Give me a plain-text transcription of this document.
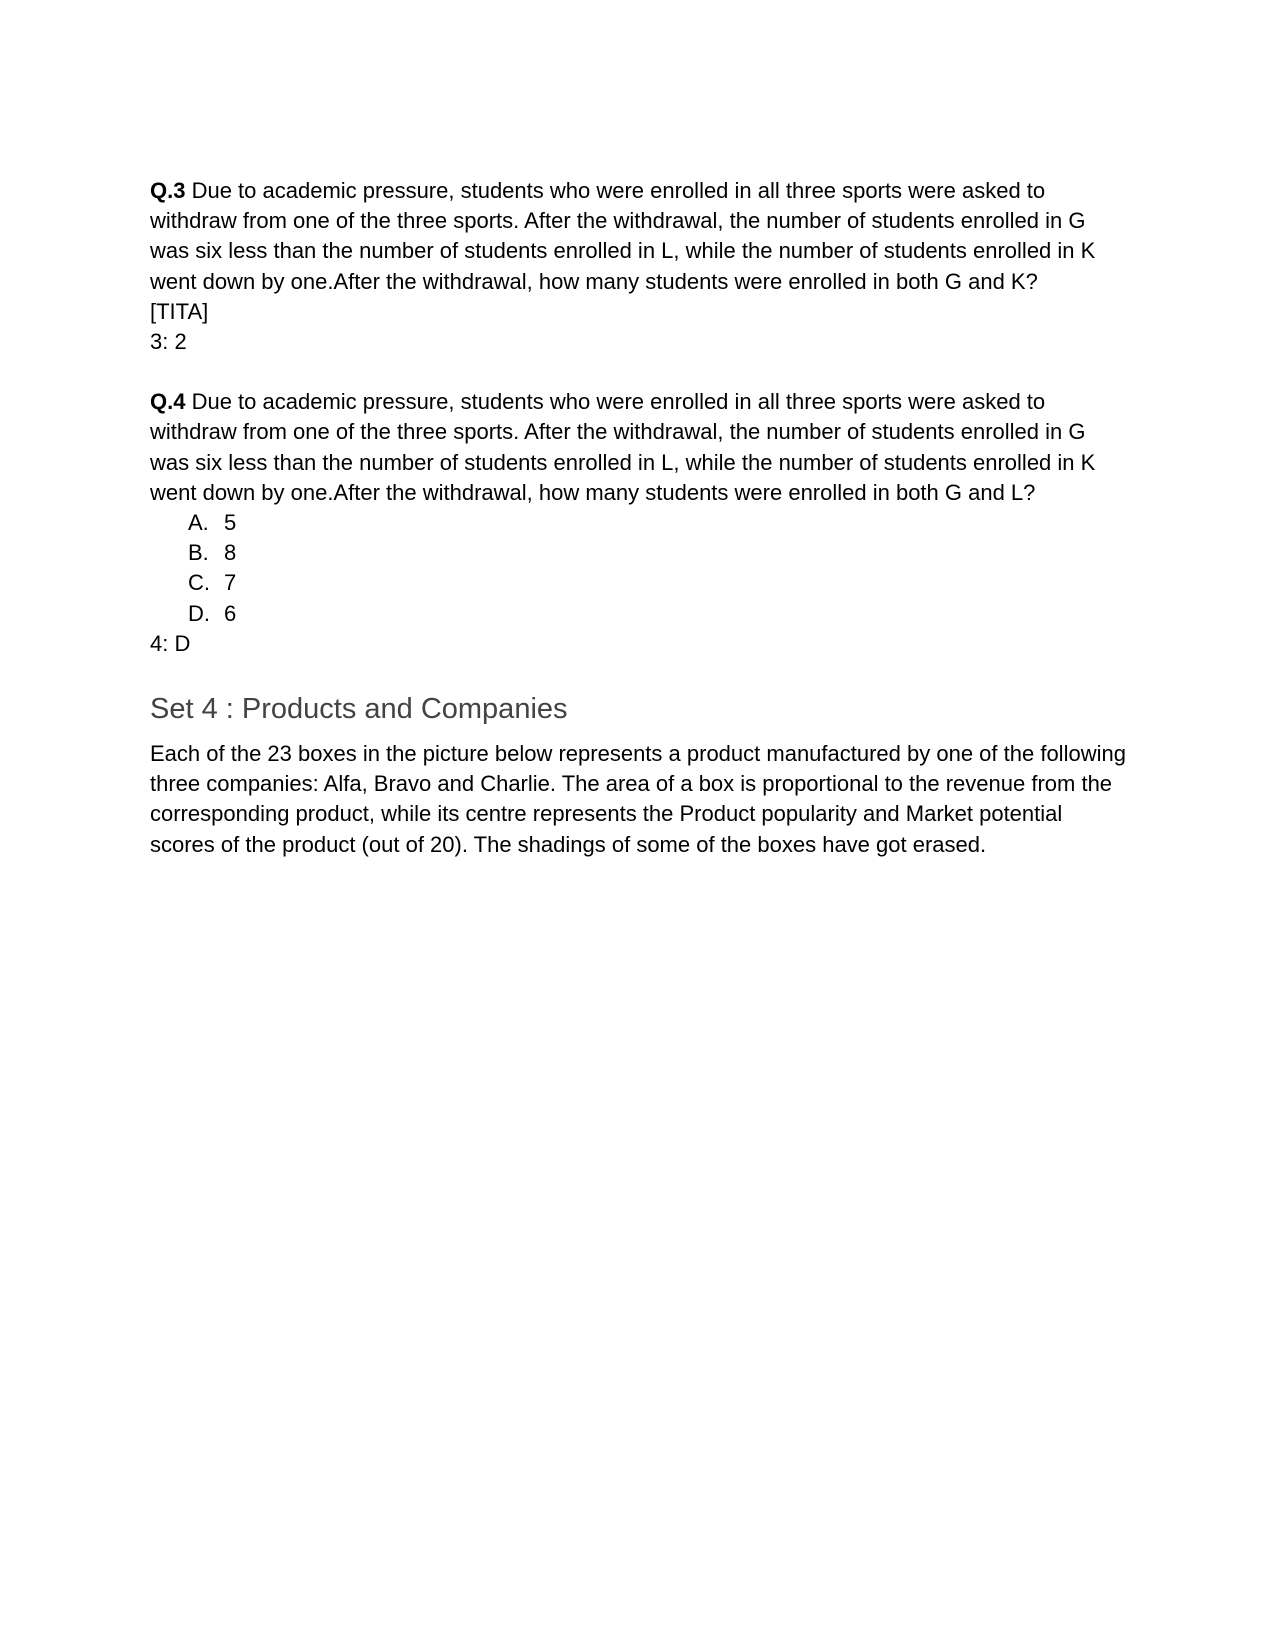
Q.3 Due to academic pressure, students who were enrolled in all three sports were asked to withdraw from one of the three sports. After the withdrawal, the number of students enrolled in G was six less than the number of students enrolled in L, while the number of students enrolled in K went down by one.After the withdrawal, how many students were enrolled in both G and K?

[TITA]

3: 2

Q.4 Due to academic pressure, students who were enrolled in all three sports were asked to withdraw from one of the three sports. After the withdrawal, the number of students enrolled in G was six less than the number of students enrolled in L, while the number of students enrolled in K went down by one.After the withdrawal, how many students were enrolled in both G and L?

A. 5
B. 8
C. 7
D. 6

4: D

Set 4 : Products and Companies

Each of the 23 boxes in the picture below represents a product manufactured by one of the following three companies: Alfa, Bravo and Charlie. The area of a box is proportional to the revenue from the corresponding product, while its centre represents the Product popularity and Market potential scores of the product (out of 20). The shadings of some of the boxes have got erased.
